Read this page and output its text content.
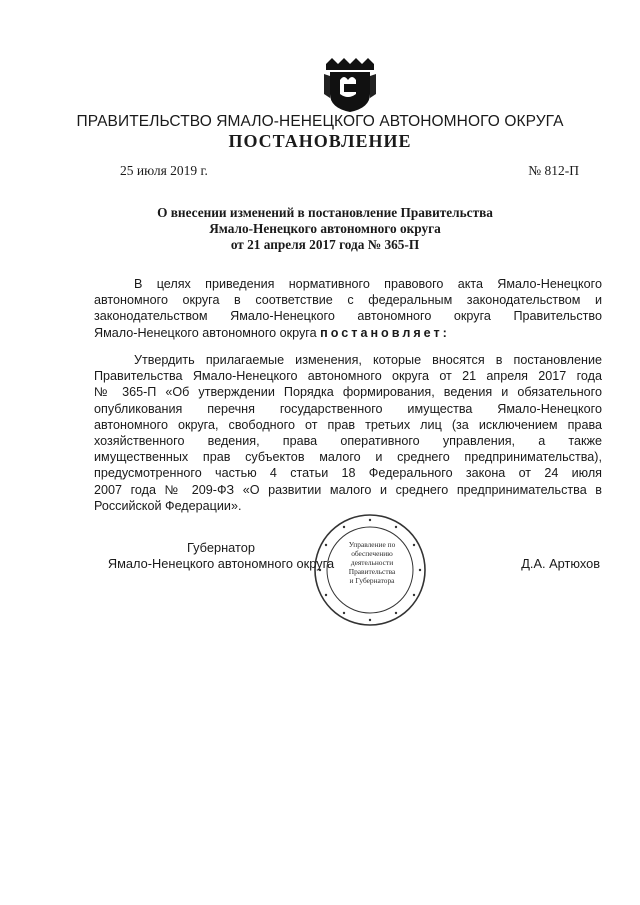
ПРАВИТЕЛЬСТВО ЯМАЛО-НЕНЕЦКОГО АВТОНОМНОГО ОКРУГА
ПОСТАНОВЛЕНИЕ
25 июля 2019 г.	№ 812-П
О внесении изменений в постановление Правительства
Ямало-Ненецкого автономного округа
от 21 апреля 2017 года № 365-П
В целях приведения нормативного правового акта Ямало-Ненецкого
автономного округа в соответствие с федеральным законодательством и
законодательством Ямало-Ненецкого автономного округа Правительство
Ямало-Ненецкого автономного округа постановляет:
Утвердить прилагаемые изменения, которые вносятся в постановление
Правительства Ямало-Ненецкого автономного округа от 21 апреля 2017 года
№ 365-П «Об утверждении Порядка формирования, ведения и обязательного
опубликования перечня государственного имущества Ямало-Ненецкого
автономного округа, свободного от прав третьих лиц (за исключением права
хозяйственного ведения, права оперативного управления, а также
имущественных прав субъектов малого и среднего предпринимательства),
предусмотренного частью 4 статьи 18 Федерального закона от 24 июля
2007 года № 209-ФЗ «О развитии малого и среднего предпринимательства в
Российской Федерации».
Управление по
обеспечению
деятельности
Правительства
и Губернатора
Губернатор
Ямало-Ненецкого автономного округа	Д.А. Артюхов
